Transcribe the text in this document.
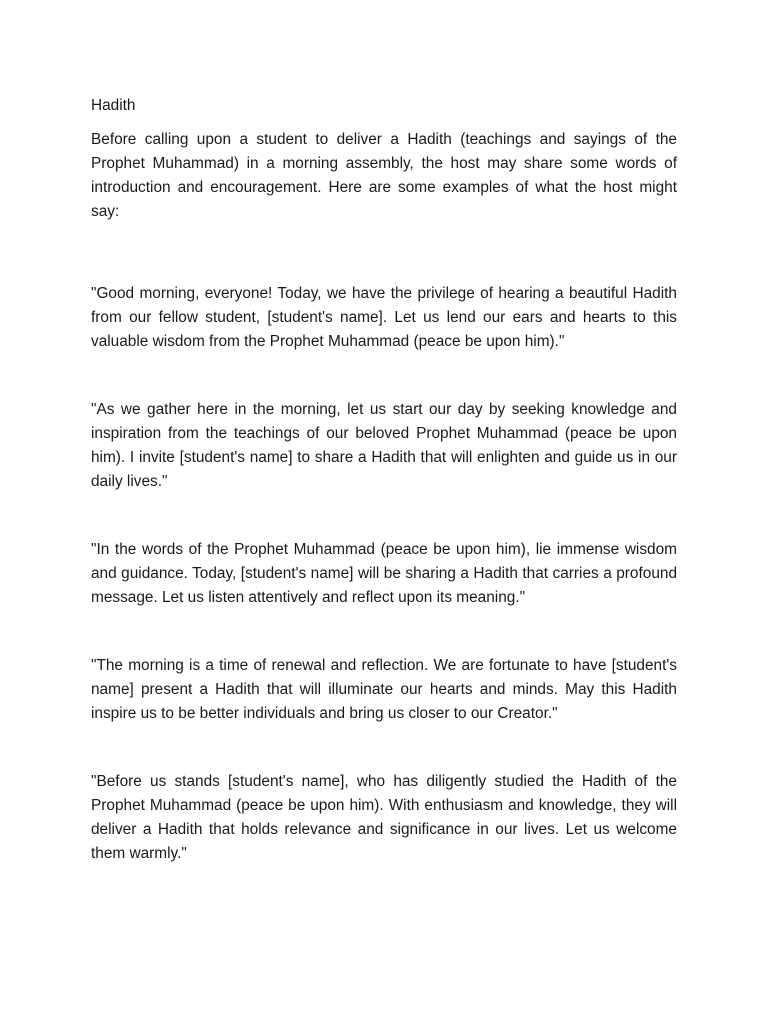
Hadith

Before calling upon a student to deliver a Hadith (teachings and sayings of the Prophet Muhammad) in a morning assembly, the host may share some words of introduction and encouragement. Here are some examples of what the host might say:

"Good morning, everyone! Today, we have the privilege of hearing a beautiful Hadith from our fellow student, [student's name]. Let us lend our ears and hearts to this valuable wisdom from the Prophet Muhammad (peace be upon him)."

"As we gather here in the morning, let us start our day by seeking knowledge and inspiration from the teachings of our beloved Prophet Muhammad (peace be upon him). I invite [student's name] to share a Hadith that will enlighten and guide us in our daily lives."

"In the words of the Prophet Muhammad (peace be upon him), lie immense wisdom and guidance. Today, [student's name] will be sharing a Hadith that carries a profound message. Let us listen attentively and reflect upon its meaning."

"The morning is a time of renewal and reflection. We are fortunate to have [student's name] present a Hadith that will illuminate our hearts and minds. May this Hadith inspire us to be better individuals and bring us closer to our Creator."

"Before us stands [student's name], who has diligently studied the Hadith of the Prophet Muhammad (peace be upon him). With enthusiasm and knowledge, they will deliver a Hadith that holds relevance and significance in our lives. Let us welcome them warmly."
